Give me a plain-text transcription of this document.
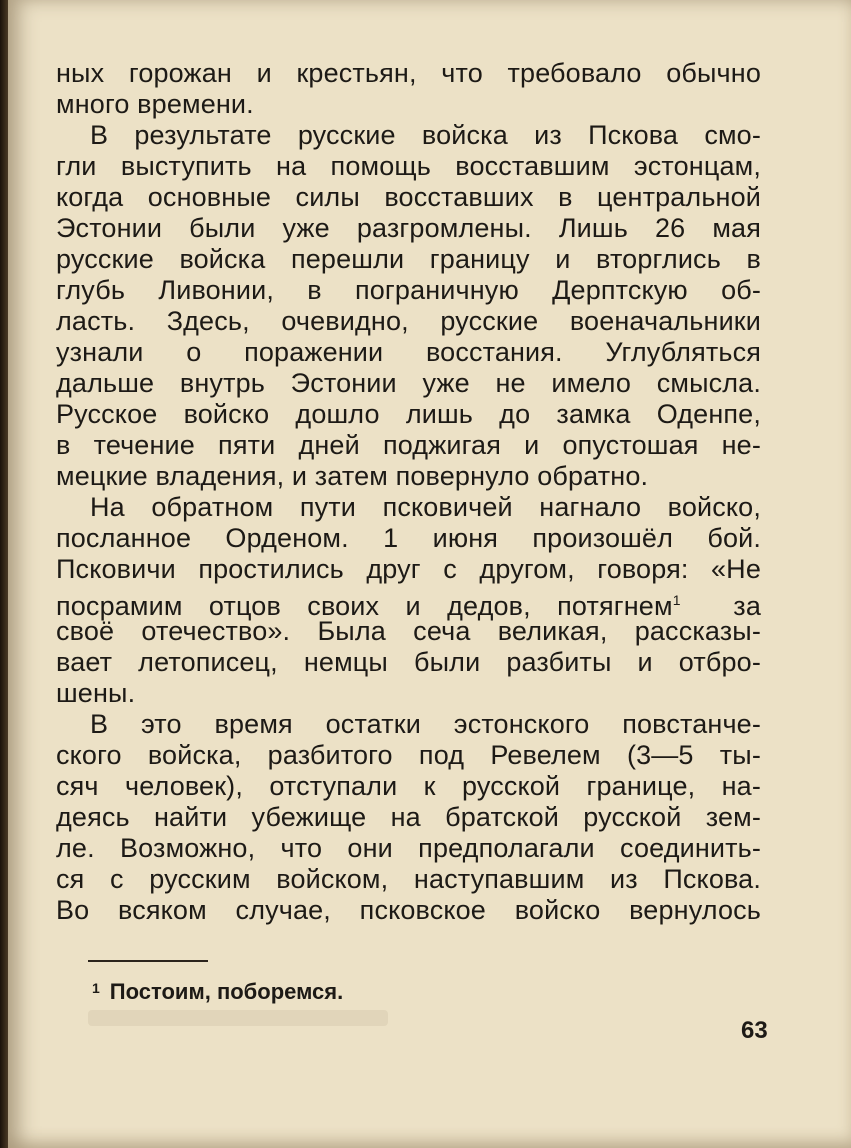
ных горожан и крестьян, что требовало обычно
много времени.
В результате русские войска из Пскова смо-
гли выступить на помощь восставшим эстонцам,
когда основные силы восставших в центральной
Эстонии были уже разгромлены. Лишь 26 мая
русские войска перешли границу и вторглись в
глубь Ливонии, в пограничную Дерптскую об-
ласть. Здесь, очевидно, русские военачальники
узнали о поражении восстания. Углубляться
дальше внутрь Эстонии уже не имело смысла.
Русское войско дошло лишь до замка Оденпе,
в течение пяти дней поджигая и опустошая не-
мецкие владения, и затем повернуло обратно.
На обратном пути псковичей нагнало войско,
посланное Орденом. 1 июня произошёл бой.
Псковичи простились друг с другом, говоря: «Не
посрамим отцов своих и дедов, потягнем$^1$ за
своё отечество». Была сеча великая, рассказы-
вает летописец, немцы были разбиты и отбро-
шены.
В это время остатки эстонского повстанче-
ского войска, разбитого под Ревелем (3—5 ты-
сяч человек), отступали к русской границе, на-
деясь найти убежище на братской русской зем-
ле. Возможно, что они предполагали соединить-
ся с русским войском, наступавшим из Пскова.
Во всяком случае, псковское войско вернулось
$^1$ Постоим, поборемся.
63
